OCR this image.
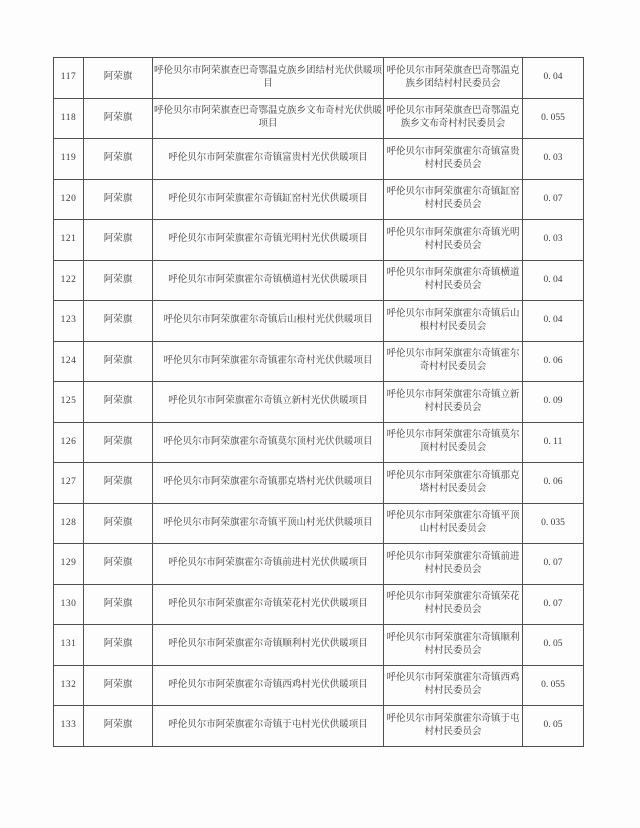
117	阿荣旗	呼伦贝尔市阿荣旗查巴奇鄂温克族乡团结村光伏供暖项目	呼伦贝尔市阿荣旗查巴奇鄂温克族乡团结村村民委员会	0. 04
118	阿荣旗	呼伦贝尔市阿荣旗查巴奇鄂温克族乡文布奇村光伏供暖项目	呼伦贝尔市阿荣旗查巴奇鄂温克族乡文布奇村村民委员会	0. 055
119	阿荣旗	呼伦贝尔市阿荣旗霍尔奇镇富贵村光伏供暖项目	呼伦贝尔市阿荣旗霍尔奇镇富贵村村民委员会	0. 03
120	阿荣旗	呼伦贝尔市阿荣旗霍尔奇镇缸窑村光伏供暖项目	呼伦贝尔市阿荣旗霍尔奇镇缸窑村村民委员会	0. 07
121	阿荣旗	呼伦贝尔市阿荣旗霍尔奇镇光明村光伏供暖项目	呼伦贝尔市阿荣旗霍尔奇镇光明村村民委员会	0. 03
122	阿荣旗	呼伦贝尔市阿荣旗霍尔奇镇横道村光伏供暖项目	呼伦贝尔市阿荣旗霍尔奇镇横道村村民委员会	0. 04
123	阿荣旗	呼伦贝尔市阿荣旗霍尔奇镇后山根村光伏供暖项目	呼伦贝尔市阿荣旗霍尔奇镇后山根村村民委员会	0. 04
124	阿荣旗	呼伦贝尔市阿荣旗霍尔奇镇霍尔奇村光伏供暖项目	呼伦贝尔市阿荣旗霍尔奇镇霍尔奇村村民委员会	0. 06
125	阿荣旗	呼伦贝尔市阿荣旗霍尔奇镇立新村光伏供暖项目	呼伦贝尔市阿荣旗霍尔奇镇立新村村民委员会	0. 09
126	阿荣旗	呼伦贝尔市阿荣旗霍尔奇镇莫尔顶村光伏供暖项目	呼伦贝尔市阿荣旗霍尔奇镇莫尔顶村村民委员会	0. 11
127	阿荣旗	呼伦贝尔市阿荣旗霍尔奇镇那克塔村光伏供暖项目	呼伦贝尔市阿荣旗霍尔奇镇那克塔村村民委员会	0. 06
128	阿荣旗	呼伦贝尔市阿荣旗霍尔奇镇平顶山村光伏供暖项目	呼伦贝尔市阿荣旗霍尔奇镇平顶山村村民委员会	0. 035
129	阿荣旗	呼伦贝尔市阿荣旗霍尔奇镇前进村光伏供暖项目	呼伦贝尔市阿荣旗霍尔奇镇前进村村民委员会	0. 07
130	阿荣旗	呼伦贝尔市阿荣旗霍尔奇镇荣花村光伏供暖项目	呼伦贝尔市阿荣旗霍尔奇镇荣花村村民委员会	0. 07
131	阿荣旗	呼伦贝尔市阿荣旗霍尔奇镇顺利村光伏供暖项目	呼伦贝尔市阿荣旗霍尔奇镇顺利村村民委员会	0. 05
132	阿荣旗	呼伦贝尔市阿荣旗霍尔奇镇西鸡村光伏供暖项目	呼伦贝尔市阿荣旗霍尔奇镇西鸡村村民委员会	0. 055
133	阿荣旗	呼伦贝尔市阿荣旗霍尔奇镇于屯村光伏供暖项目	呼伦贝尔市阿荣旗霍尔奇镇于屯村村民委员会	0. 05
